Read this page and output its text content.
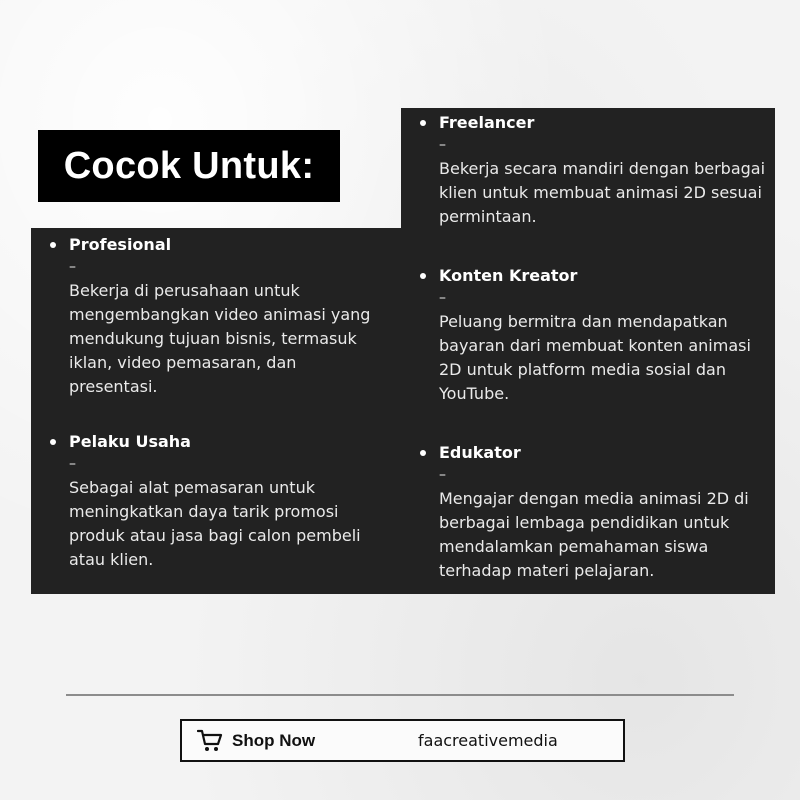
Cocok Untuk:
Profesional
–
Bekerja di perusahaan untuk mengembangkan video animasi yang mendukung tujuan bisnis, termasuk iklan, video pemasaran, dan presentasi.
Pelaku Usaha
–
Sebagai alat pemasaran untuk meningkatkan daya tarik promosi produk atau jasa bagi calon pembeli atau klien.
Freelancer
–
Bekerja secara mandiri dengan berbagai klien untuk membuat animasi 2D sesuai permintaan.
Konten Kreator
–
Peluang bermitra dan mendapatkan bayaran dari membuat konten animasi 2D untuk platform media sosial dan YouTube.
Edukator
–
Mengajar dengan media animasi 2D di berbagai lembaga pendidikan untuk mendalamkan pemahaman siswa terhadap materi pelajaran.
Shop Now	faacreativemedia
